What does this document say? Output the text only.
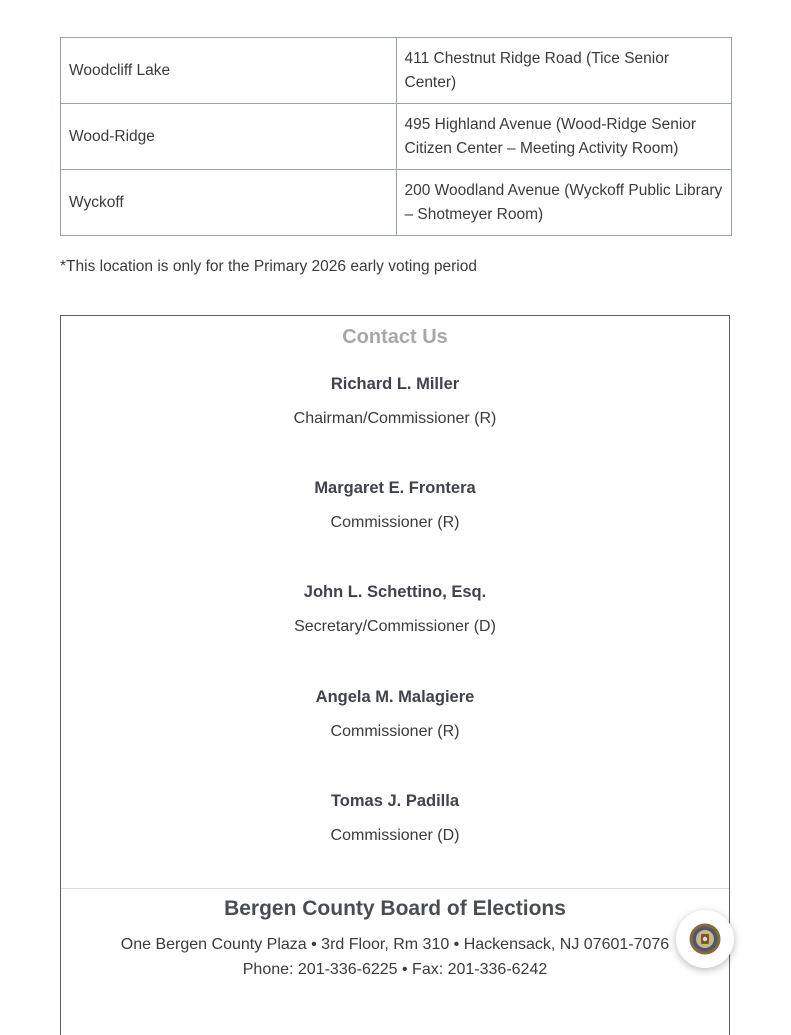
Woodcliff Lake	411 Chestnut Ridge Road (Tice Senior Center)
Wood-Ridge	495 Highland Avenue (Wood-Ridge Senior Citizen Center – Meeting Activity Room)
Wyckoff	200 Woodland Avenue (Wyckoff Public Library – Shotmeyer Room)
*This location is only for the Primary 2026 early voting period
Contact Us
Richard L. Miller
Chairman/Commissioner (R)
Margaret E. Frontera
Commissioner (R)
John L. Schettino, Esq.
Secretary/Commissioner (D)
Angela M. Malagiere
Commissioner (R)
Tomas J. Padilla
Commissioner (D)
Bergen County Board of Elections
One Bergen County Plaza • 3rd Floor, Rm 310 • Hackensack, NJ 07601-7076
Phone: 201-336-6225 • Fax: 201-336-6242
